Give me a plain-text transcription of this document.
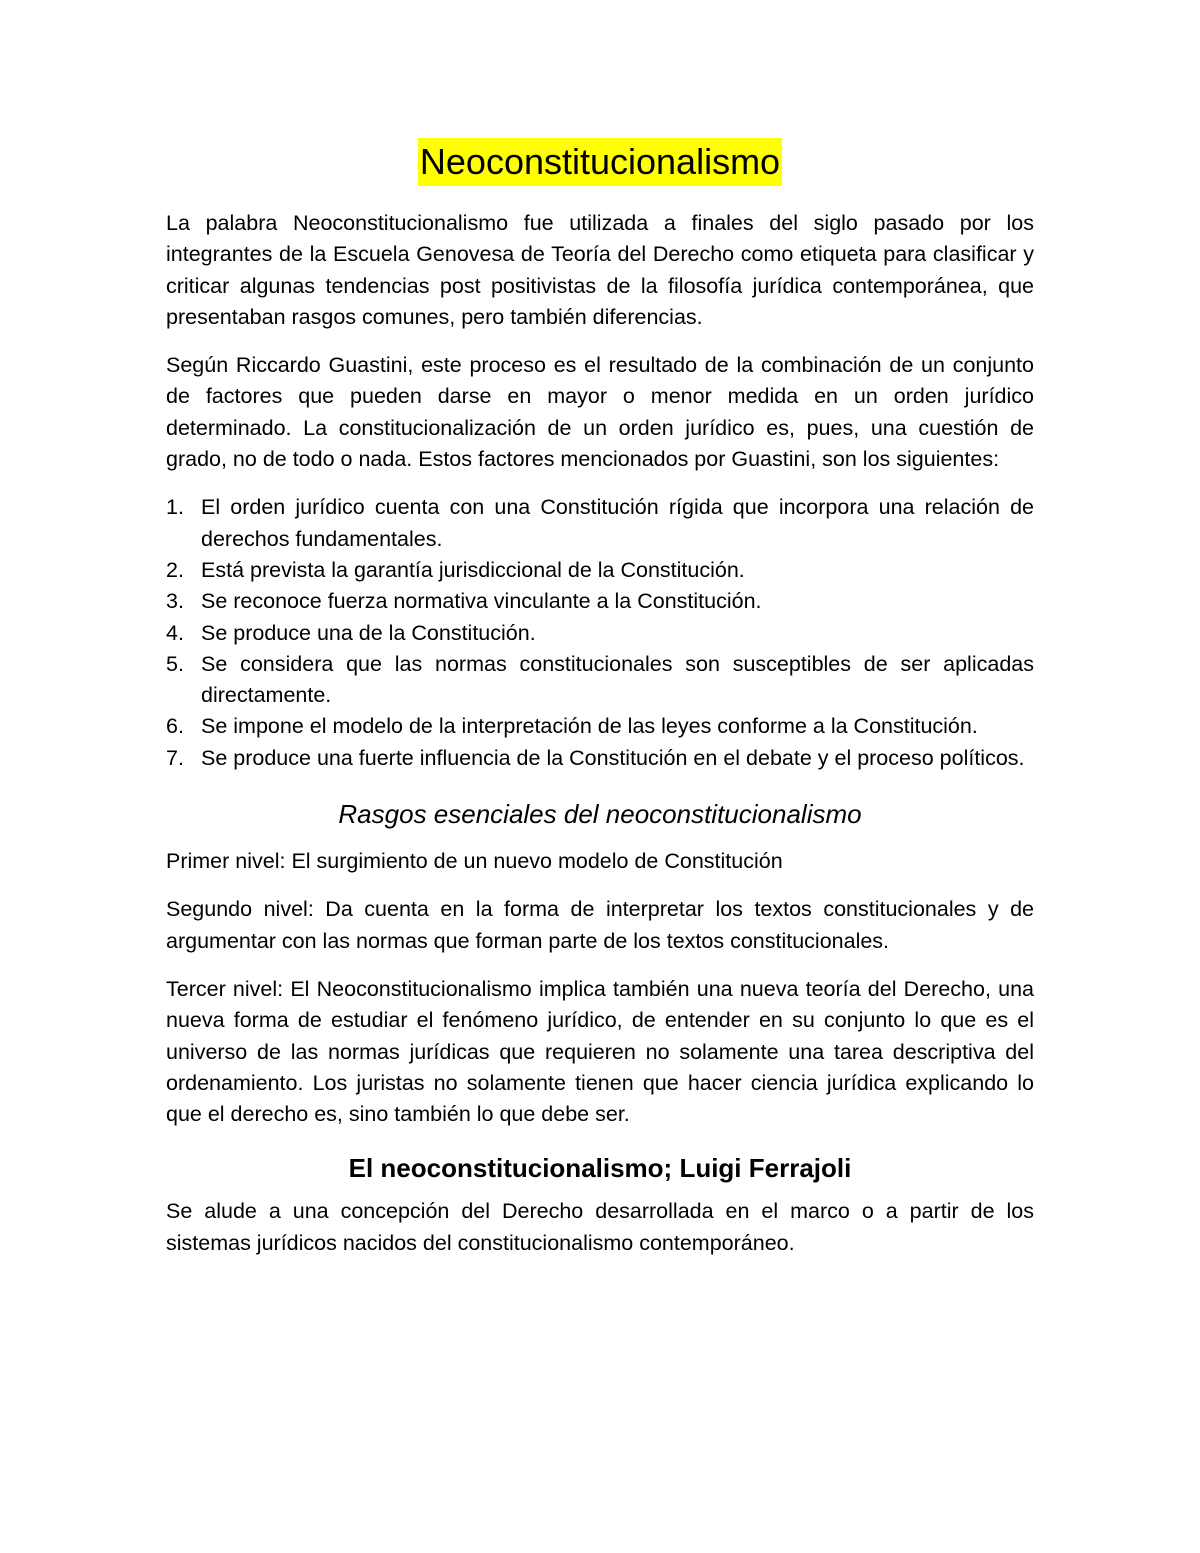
Neoconstitucionalismo

La palabra Neoconstitucionalismo fue utilizada a finales del siglo pasado por los integrantes de la Escuela Genovesa de Teoría del Derecho como etiqueta para clasificar y criticar algunas tendencias post positivistas de la filosofía jurídica contemporánea, que presentaban rasgos comunes, pero también diferencias.

Según Riccardo Guastini, este proceso es el resultado de la combinación de un conjunto de factores que pueden darse en mayor o menor medida en un orden jurídico determinado. La constitucionalización de un orden jurídico es, pues, una cuestión de grado, no de todo o nada. Estos factores mencionados por Guastini, son los siguientes:

1. El orden jurídico cuenta con una Constitución rígida que incorpora una relación de derechos fundamentales.
2. Está prevista la garantía jurisdiccional de la Constitución.
3. Se reconoce fuerza normativa vinculante a la Constitución.
4. Se produce una de la Constitución.
5. Se considera que las normas constitucionales son susceptibles de ser aplicadas directamente.
6. Se impone el modelo de la interpretación de las leyes conforme a la Constitución.
7. Se produce una fuerte influencia de la Constitución en el debate y el proceso políticos.
Rasgos esenciales del neoconstitucionalismo

Primer nivel: El surgimiento de un nuevo modelo de Constitución

Segundo nivel: Da cuenta en la forma de interpretar los textos constitucionales y de argumentar con las normas que forman parte de los textos constitucionales.

Tercer nivel: El Neoconstitucionalismo implica también una nueva teoría del Derecho, una nueva forma de estudiar el fenómeno jurídico, de entender en su conjunto lo que es el universo de las normas jurídicas que requieren no solamente una tarea descriptiva del ordenamiento. Los juristas no solamente tienen que hacer ciencia jurídica explicando lo que el derecho es, sino también lo que debe ser.

El neoconstitucionalismo; Luigi Ferrajoli

Se alude a una concepción del Derecho desarrollada en el marco o a partir de los sistemas jurídicos nacidos del constitucionalismo contemporáneo.
